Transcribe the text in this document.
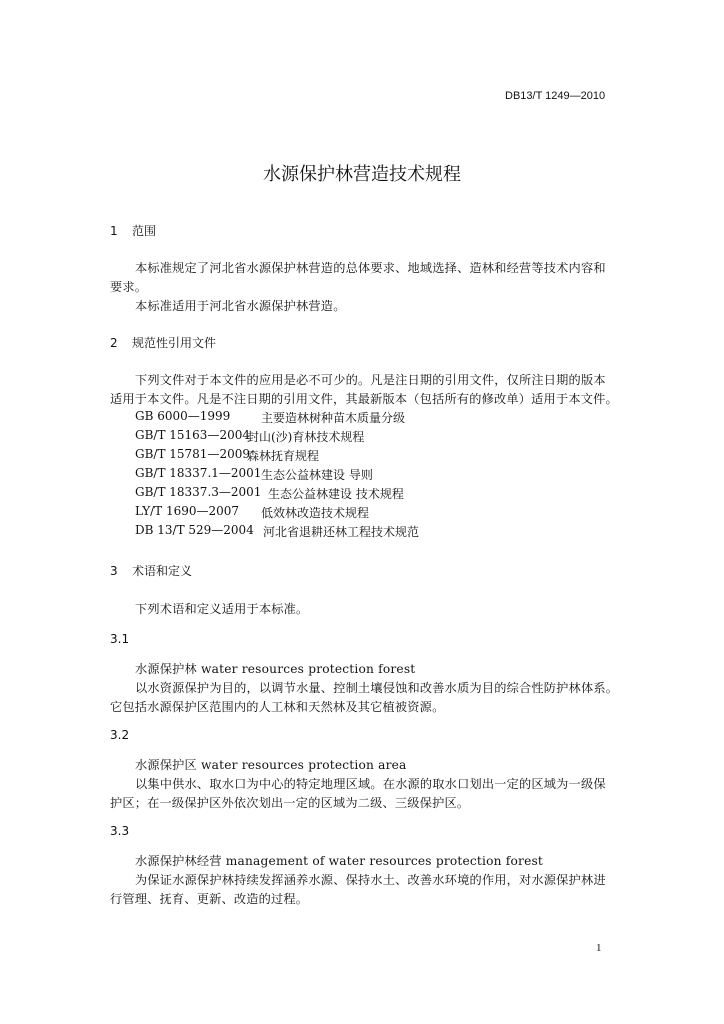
DB13/T 1249—2010
水源保护林营造技术规程
1 范围
本标准规定了河北省水源保护林营造的总体要求、地域选择、造林和经营等技术内容和
要求。
本标准适用于河北省水源保护林营造。
2 规范性引用文件
下列文件对于本文件的应用是必不可少的。凡是注日期的引用文件，仅所注日期的版本
适用于本文件。凡是不注日期的引用文件，其最新版本（包括所有的修改单）适用于本文件。
GB 6000—1999	主要造林树种苗木质量分级
GB/T 15163—2004
封山(沙)育林技术规程
GB/T 15781—2009
森林抚育规程
GB/T 18337.1—2001 生态公益林建设 导则
GB/T 18337.3—2001 生态公益林建设 技术规程
LY/T 1690—2007 低效林改造技术规程
DB 13/T 529—2004 河北省退耕还林工程技术规范
3 术语和定义
下列术语和定义适用于本标准。
3.1
水源保护林 water resources protection forest
以水资源保护为目的，以调节水量、控制土壤侵蚀和改善水质为目的综合性防护林体系。
它包括水源保护区范围内的人工林和天然林及其它植被资源。
3.2
水源保护区 water resources protection area
以集中供水、取水口为中心的特定地理区域。在水源的取水口划出一定的区域为一级保
护区；在一级保护区外依次划出一定的区域为二级、三级保护区。
3.3
水源保护林经营 management of water resources protection forest
为保证水源保护林持续发挥涵养水源、保持水土、改善水环境的作用，对水源保护林进
行管理、抚育、更新、改造的过程。
1
